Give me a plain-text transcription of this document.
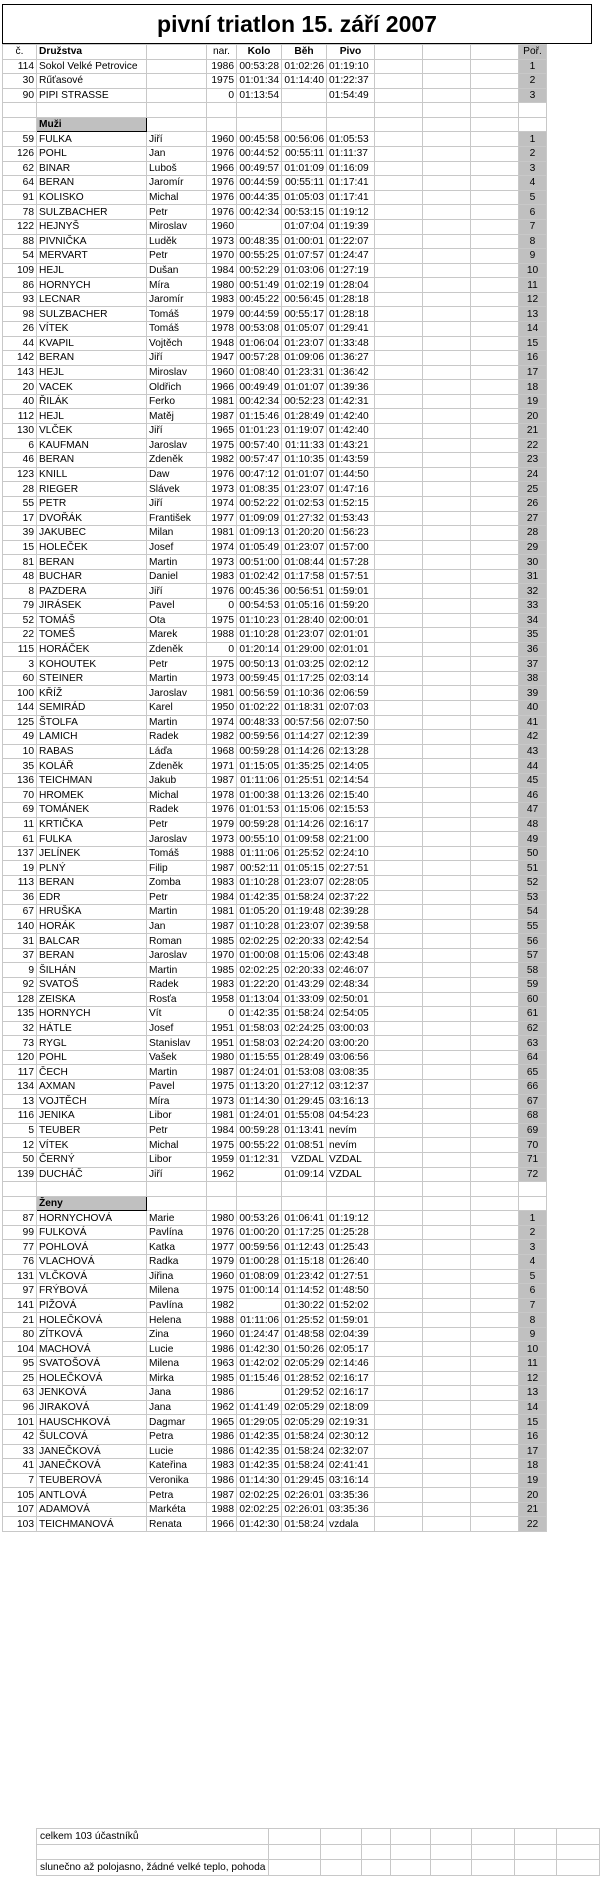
pivní triatlon 15. září 2007
č.	Družstva		nar.	Kolo	Běh	Pivo				Poř.
114	Sokol Velké Petrovice		1986	00:53:28	01:02:26	01:19:10				1
30	Rűťasové		1975	01:01:34	01:14:40	01:22:37				2
90	PIPI STRASSE		0	01:13:54		01:54:49				3

	Muži									
59	FULKA	Jiří	1960	00:45:58	00:56:06	01:05:53				1
126	POHL	Jan	1976	00:44:52	00:55:11	01:11:37				2
62	BINAR	Luboš	1966	00:49:57	01:01:09	01:16:09				3
64	BERAN	Jaromír	1976	00:44:59	00:55:11	01:17:41				4
91	KOLISKO	Michal	1976	00:44:35	01:05:03	01:17:41				5
78	SULZBACHER	Petr	1976	00:42:34	00:53:15	01:19:12				6
122	HEJNYŠ	Miroslav	1960		01:07:04	01:19:39				7
88	PIVNIČKA	Luděk	1973	00:48:35	01:00:01	01:22:07				8
54	MERVART	Petr	1970	00:55:25	01:07:57	01:24:47				9
109	HEJL	Dušan	1984	00:52:29	01:03:06	01:27:19				10
86	HORNYCH	Míra	1980	00:51:49	01:02:19	01:28:04				11
93	LECNAR	Jaromír	1983	00:45:22	00:56:45	01:28:18				12
98	SULZBACHER	Tomáš	1979	00:44:59	00:55:17	01:28:18				13
26	VÍTEK	Tomáš	1978	00:53:08	01:05:07	01:29:41				14
44	KVAPIL	Vojtěch	1948	01:06:04	01:23:07	01:33:48				15
142	BERAN	Jiří	1947	00:57:28	01:09:06	01:36:27				16
143	HEJL	Miroslav	1960	01:08:40	01:23:31	01:36:42				17
20	VACEK	Oldřich	1966	00:49:49	01:01:07	01:39:36				18
40	ŘILÁK	Ferko	1981	00:42:34	00:52:23	01:42:31				19
112	HEJL	Matěj	1987	01:15:46	01:28:49	01:42:40				20
130	VLČEK	Jiří	1965	01:01:23	01:19:07	01:42:40				21
6	KAUFMAN	Jaroslav	1975	00:57:40	01:11:33	01:43:21				22
46	BERAN	Zdeněk	1982	00:57:47	01:10:35	01:43:59				23
123	KNILL	Daw	1976	00:47:12	01:01:07	01:44:50				24
28	RIEGER	Slávek	1973	01:08:35	01:23:07	01:47:16				25
55	PETR	Jiří	1974	00:52:22	01:02:53	01:52:15				26
17	DVOŘÁK	František	1977	01:09:09	01:27:32	01:53:43				27
39	JAKUBEC	Milan	1981	01:09:13	01:20:20	01:56:23				28
15	HOLEČEK	Josef	1974	01:05:49	01:23:07	01:57:00				29
81	BERAN	Martin	1973	00:51:00	01:08:44	01:57:28				30
48	BUCHAR	Daniel	1983	01:02:42	01:17:58	01:57:51				31
8	PAZDERA	Jiří	1976	00:45:36	00:56:51	01:59:01				32
79	JIRÁSEK	Pavel	0	00:54:53	01:05:16	01:59:20				33
52	TOMÁŠ	Ota	1975	01:10:23	01:28:40	02:00:01				34
22	TOMEŠ	Marek	1988	01:10:28	01:23:07	02:01:01				35
115	HORÁČEK	Zdeněk	0	01:20:14	01:29:00	02:01:01				36
3	KOHOUTEK	Petr	1975	00:50:13	01:03:25	02:02:12				37
60	STEINER	Martin	1973	00:59:45	01:17:25	02:03:14				38
100	KŘÍŽ	Jaroslav	1981	00:56:59	01:10:36	02:06:59				39
144	SEMIRÁD	Karel	1950	01:02:22	01:18:31	02:07:03				40
125	ŠTOLFA	Martin	1974	00:48:33	00:57:56	02:07:50				41
49	LAMICH	Radek	1982	00:59:56	01:14:27	02:12:39				42
10	RABAS	Láďa	1968	00:59:28	01:14:26	02:13:28				43
35	KOLÁŘ	Zdeněk	1971	01:15:05	01:35:25	02:14:05				44
136	TEICHMAN	Jakub	1987	01:11:06	01:25:51	02:14:54				45
70	HROMEK	Michal	1978	01:00:38	01:13:26	02:15:40				46
69	TOMÁNEK	Radek	1976	01:01:53	01:15:06	02:15:53				47
11	KRTIČKA	Petr	1979	00:59:28	01:14:26	02:16:17				48
61	FULKA	Jaroslav	1973	00:55:10	01:09:58	02:21:00				49
137	JELÍNEK	Tomáš	1988	01:11:06	01:25:52	02:24:10				50
19	PLNÝ	Filip	1987	00:52:11	01:05:15	02:27:51				51
113	BERAN	Zomba	1983	01:10:28	01:23:07	02:28:05				52
36	EDR	Petr	1984	01:42:35	01:58:24	02:37:22				53
67	HRUŠKA	Martin	1981	01:05:20	01:19:48	02:39:28				54
140	HORÁK	Jan	1987	01:10:28	01:23:07	02:39:58				55
31	BALCAR	Roman	1985	02:02:25	02:20:33	02:42:54				56
37	BERAN	Jaroslav	1970	01:00:08	01:15:06	02:43:48				57
9	ŠILHÁN	Martin	1985	02:02:25	02:20:33	02:46:07				58
92	SVATOŠ	Radek	1983	01:22:20	01:43:29	02:48:34				59
128	ZEISKA	Rosťa	1958	01:13:04	01:33:09	02:50:01				60
135	HORNYCH	Vít	0	01:42:35	01:58:24	02:54:05				61
32	HÁTLE	Josef	1951	01:58:03	02:24:25	03:00:03				62
73	RYGL	Stanislav	1951	01:58:03	02:24:20	03:00:20				63
120	POHL	Vašek	1980	01:15:55	01:28:49	03:06:56				64
117	ČECH	Martin	1987	01:24:01	01:53:08	03:08:35				65
134	AXMAN	Pavel	1975	01:13:20	01:27:12	03:12:37				66
13	VOJTĚCH	Míra	1973	01:14:30	01:29:45	03:16:13				67
116	JENIKA	Libor	1981	01:24:01	01:55:08	04:54:23				68
5	TEUBER	Petr	1984	00:59:28	01:13:41	nevím				69
12	VÍTEK	Michal	1975	00:55:22	01:08:51	nevím				70
50	ČERNÝ	Libor	1959	01:12:31	VZDAL	VZDAL				71
139	DUCHÁČ	Jiří	1962		01:09:14	VZDAL				72

	Ženy									
87	HORNYCHOVÁ	Marie	1980	00:53:26	01:06:41	01:19:12				1
99	FULKOVÁ	Pavlína	1976	01:00:20	01:17:25	01:25:28				2
77	POHLOVÁ	Katka	1977	00:59:56	01:12:43	01:25:43				3
76	VLACHOVÁ	Radka	1979	01:00:28	01:15:18	01:26:40				4
131	VLČKOVÁ	Jiřina	1960	01:08:09	01:23:42	01:27:51				5
97	FRÝBOVÁ	Milena	1975	01:00:14	01:14:52	01:48:50				6
141	PIŽOVÁ	Pavlína	1982		01:30:22	01:52:02				7
21	HOLEČKOVÁ	Helena	1988	01:11:06	01:25:52	01:59:01				8
80	ZÍTKOVÁ	Zina	1960	01:24:47	01:48:58	02:04:39				9
104	MACHOVÁ	Lucie	1986	01:42:30	01:50:26	02:05:17				10
95	SVATOŠOVÁ	Milena	1963	01:42:02	02:05:29	02:14:46				11
25	HOLEČKOVÁ	Mirka	1985	01:15:46	01:28:52	02:16:17				12
63	JENKOVÁ	Jana	1986		01:29:52	02:16:17				13
96	JIRAKOVÁ	Jana	1962	01:41:49	02:05:29	02:18:09				14
101	HAUSCHKOVÁ	Dagmar	1965	01:29:05	02:05:29	02:19:31				15
42	ŠULCOVÁ	Petra	1986	01:42:35	01:58:24	02:30:12				16
33	JANEČKOVÁ	Lucie	1986	01:42:35	01:58:24	02:32:07				17
41	JANEČKOVÁ	Kateřina	1983	01:42:35	01:58:24	02:41:41				18
7	TEUBEROVÁ	Veronika	1986	01:14:30	01:29:45	03:16:14				19
105	ANTLOVÁ	Petra	1987	02:02:25	02:26:01	03:35:36				20
107	ADAMOVÁ	Markéta	1988	02:02:25	02:26:01	03:35:36				21
103	TEICHMANOVÁ	Renata	1966	01:42:30	01:58:24	vzdala				22
celkem 103 účastníků								

slunečno až polojasno, žádné velké teplo, pohoda								
